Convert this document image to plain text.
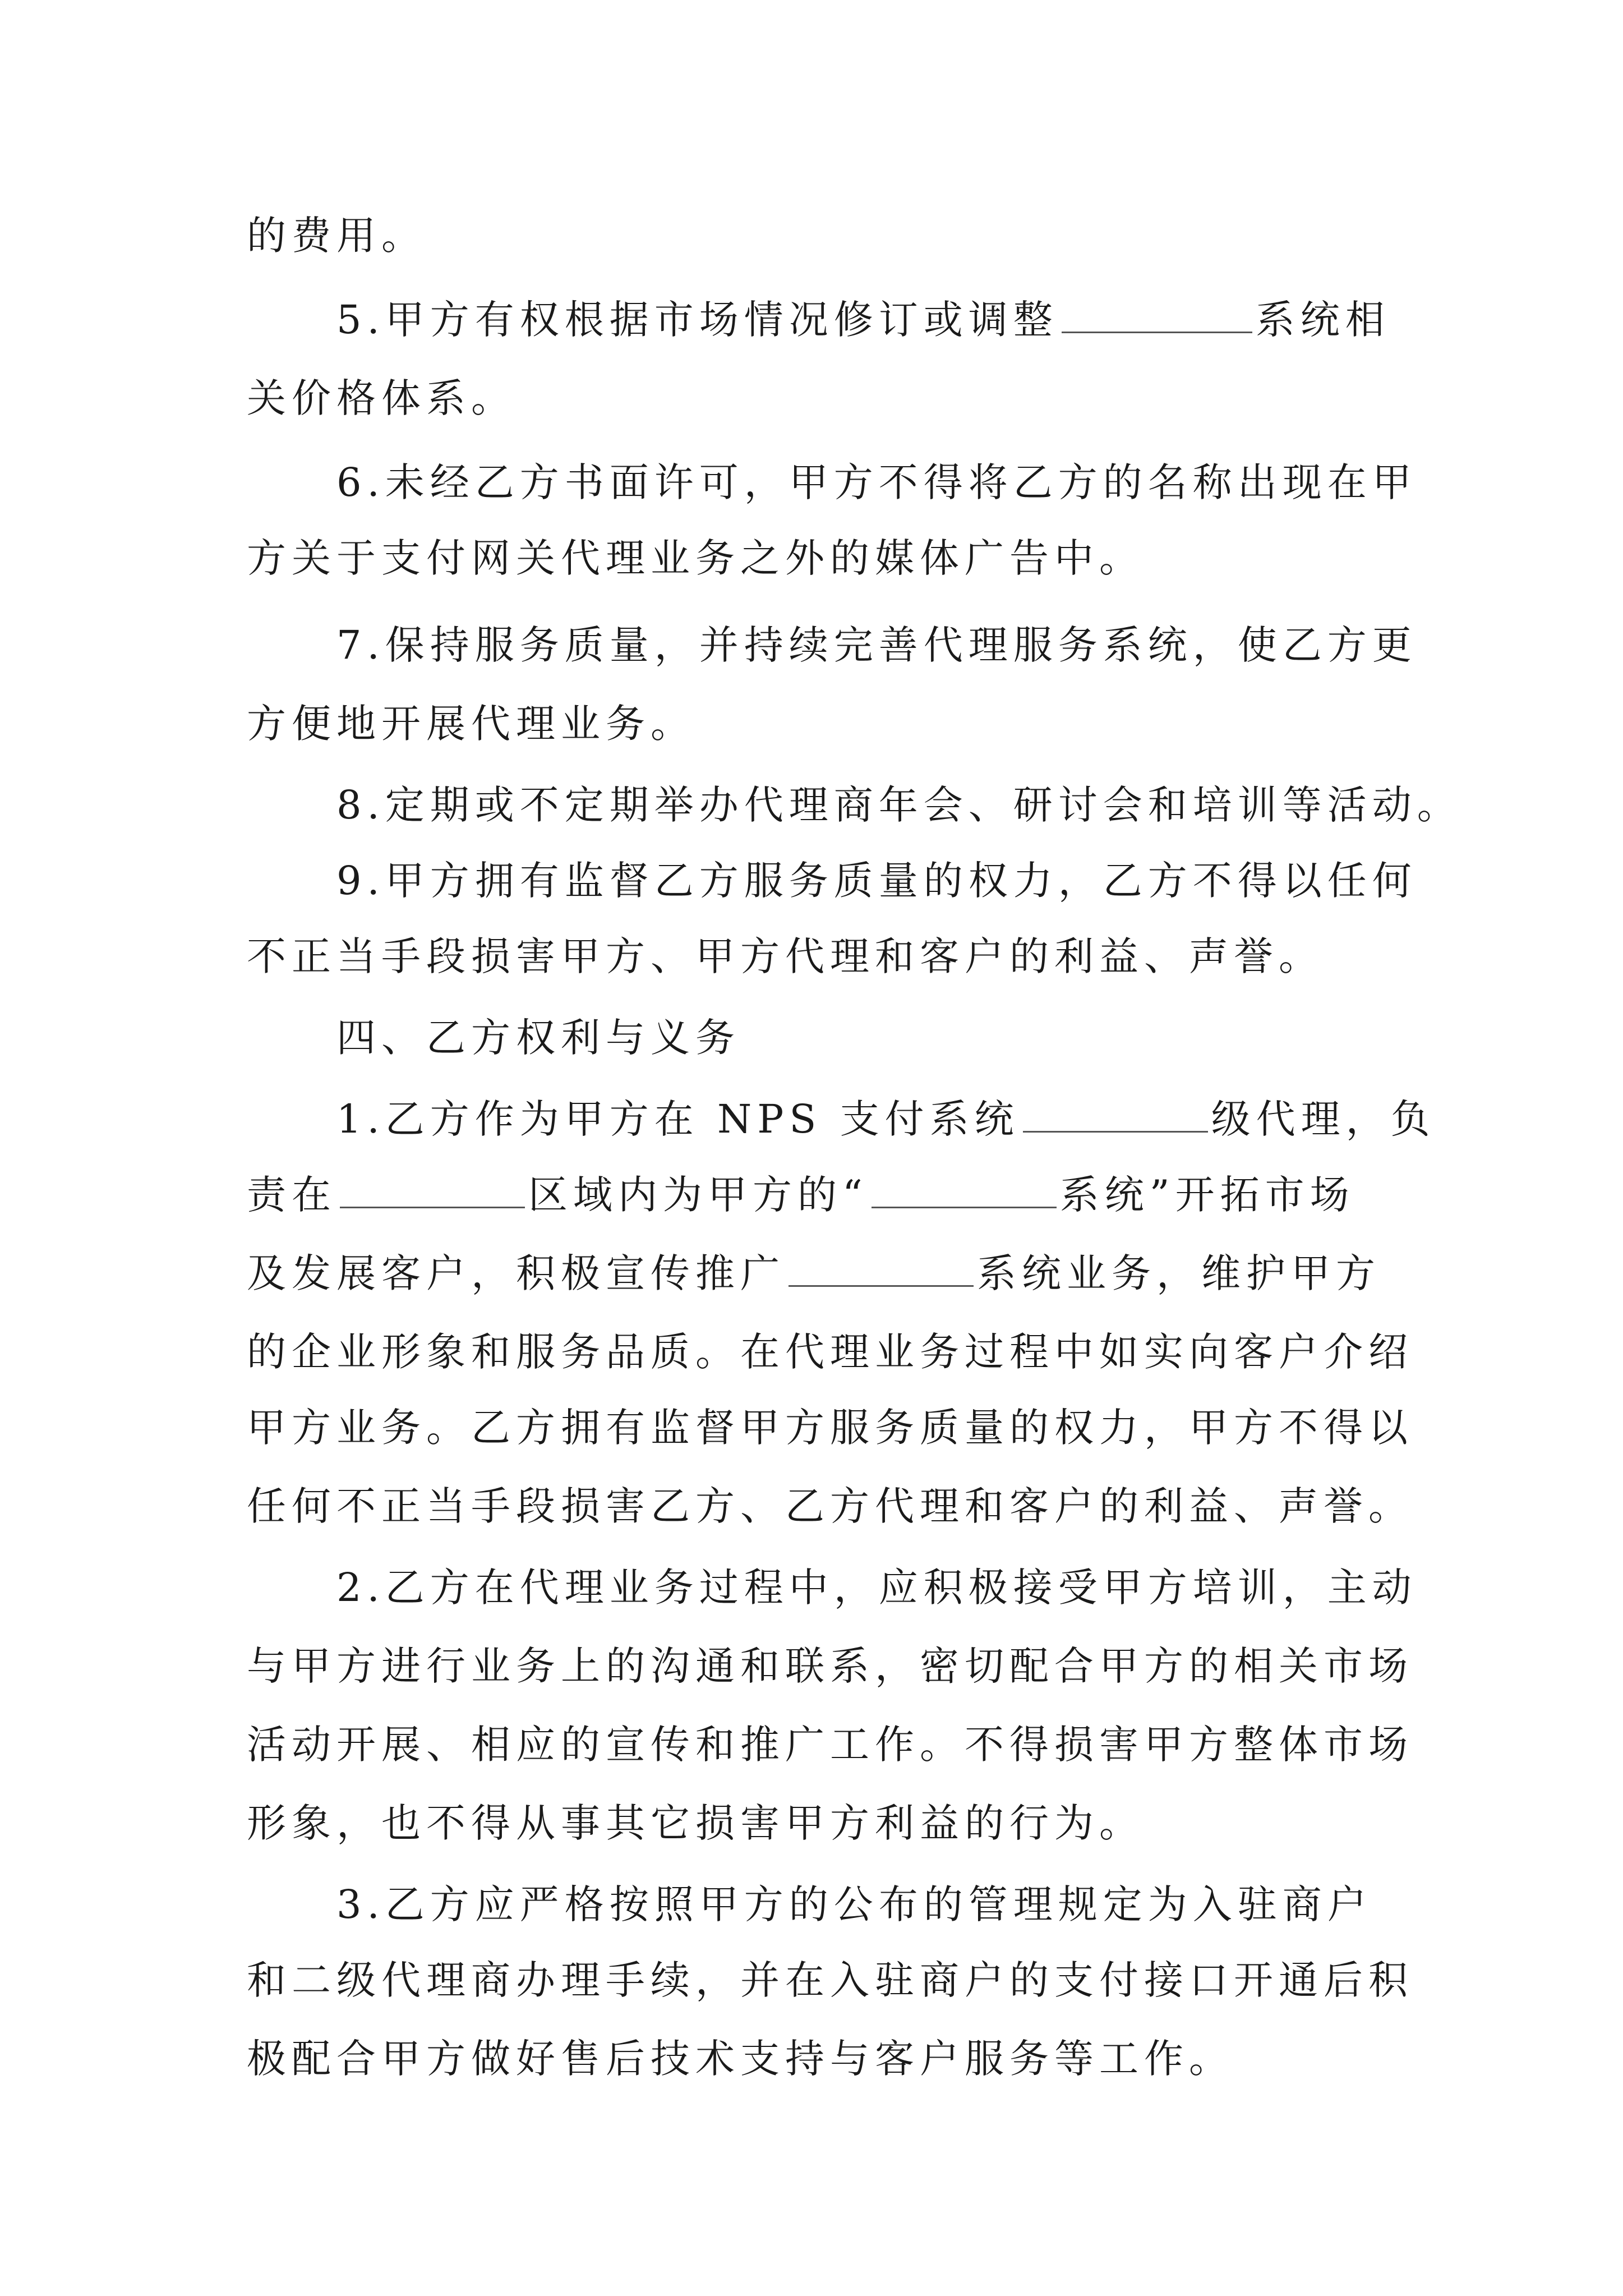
的费用。
5.甲方有权根据市场情况修订或调整	系统相
关价格体系。
6.未经乙方书面许可，甲方不得将乙方的名称出现在甲
方关于支付网关代理业务之外的媒体广告中。
7.保持服务质量，并持续完善代理服务系统，使乙方更
方便地开展代理业务。
8.定期或不定期举办代理商年会、研讨会和培训等活动。
9.甲方拥有监督乙方服务质量的权力，乙方不得以任何
不正当手段损害甲方、甲方代理和客户的利益、声誉。
四、乙方权利与义务
1.乙方作为甲方在 NPS 支付系统	级代理，负
责在	区域内为甲方的“	系统”开拓市场
及发展客户，积极宣传推广	系统业务，维护甲方
的企业形象和服务品质。在代理业务过程中如实向客户介绍
甲方业务。乙方拥有监督甲方服务质量的权力，甲方不得以
任何不正当手段损害乙方、乙方代理和客户的利益、声誉。
2.乙方在代理业务过程中，应积极接受甲方培训，主动
与甲方进行业务上的沟通和联系，密切配合甲方的相关市场
活动开展、相应的宣传和推广工作。不得损害甲方整体市场
形象，也不得从事其它损害甲方利益的行为。
3.乙方应严格按照甲方的公布的管理规定为入驻商户
和二级代理商办理手续，并在入驻商户的支付接口开通后积
极配合甲方做好售后技术支持与客户服务等工作。
